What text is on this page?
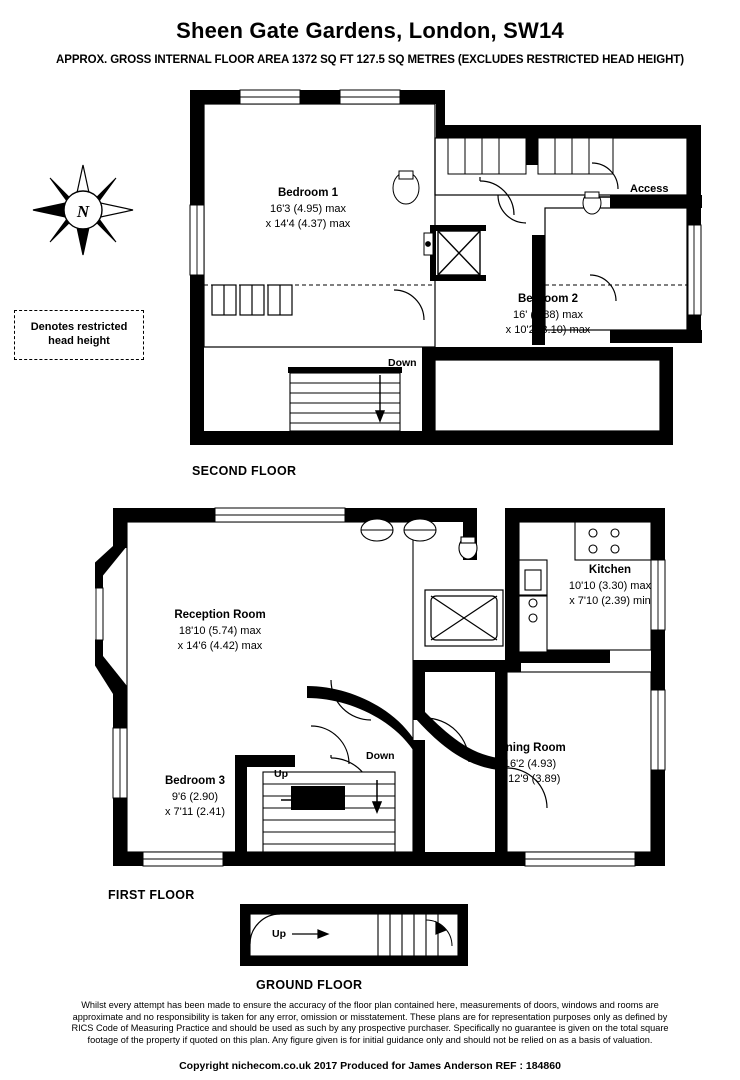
Sheen Gate Gardens, London, SW14
APPROX. GROSS INTERNAL FLOOR AREA 1372 SQ FT 127.5 SQ METRES (EXCLUDES RESTRICTED HEAD HEIGHT)
N
Denotes restricted
head height
Access

Bedroom 1
16'3 (4.95) max
x 14'4 (4.37) max
Bedroom 2
16' (4.88) max
x 10'2 (3.10) max
Down
SECOND FLOOR
Reception Room
18'10 (5.74) max
x 14'6 (4.42) max
Kitchen
10'10 (3.30) max
x 7'10 (2.39) min
Dining Room
16'2 (4.93)
x 12'9 (3.89)
Bedroom 3
9'6 (2.90)
x 7'11 (2.41)
Up
Down
FIRST FLOOR
Up
GROUND FLOOR
Whilst every attempt has been made to ensure the accuracy of the floor plan contained here, measurements of doors, windows and rooms are approximate and no responsibility is taken for any error, omission or misstatement. These plans are for representation purposes only as defined by RICS Code of Measuring Practice and should be used as such by any prospective purchaser. Specifically no guarantee is given on the total square footage of the property if quoted on this plan. Any figure given is for initial guidance only and should not be relied on as a basis of valuation.
Copyright nichecom.co.uk 2017 Produced for James Anderson REF : 184860
